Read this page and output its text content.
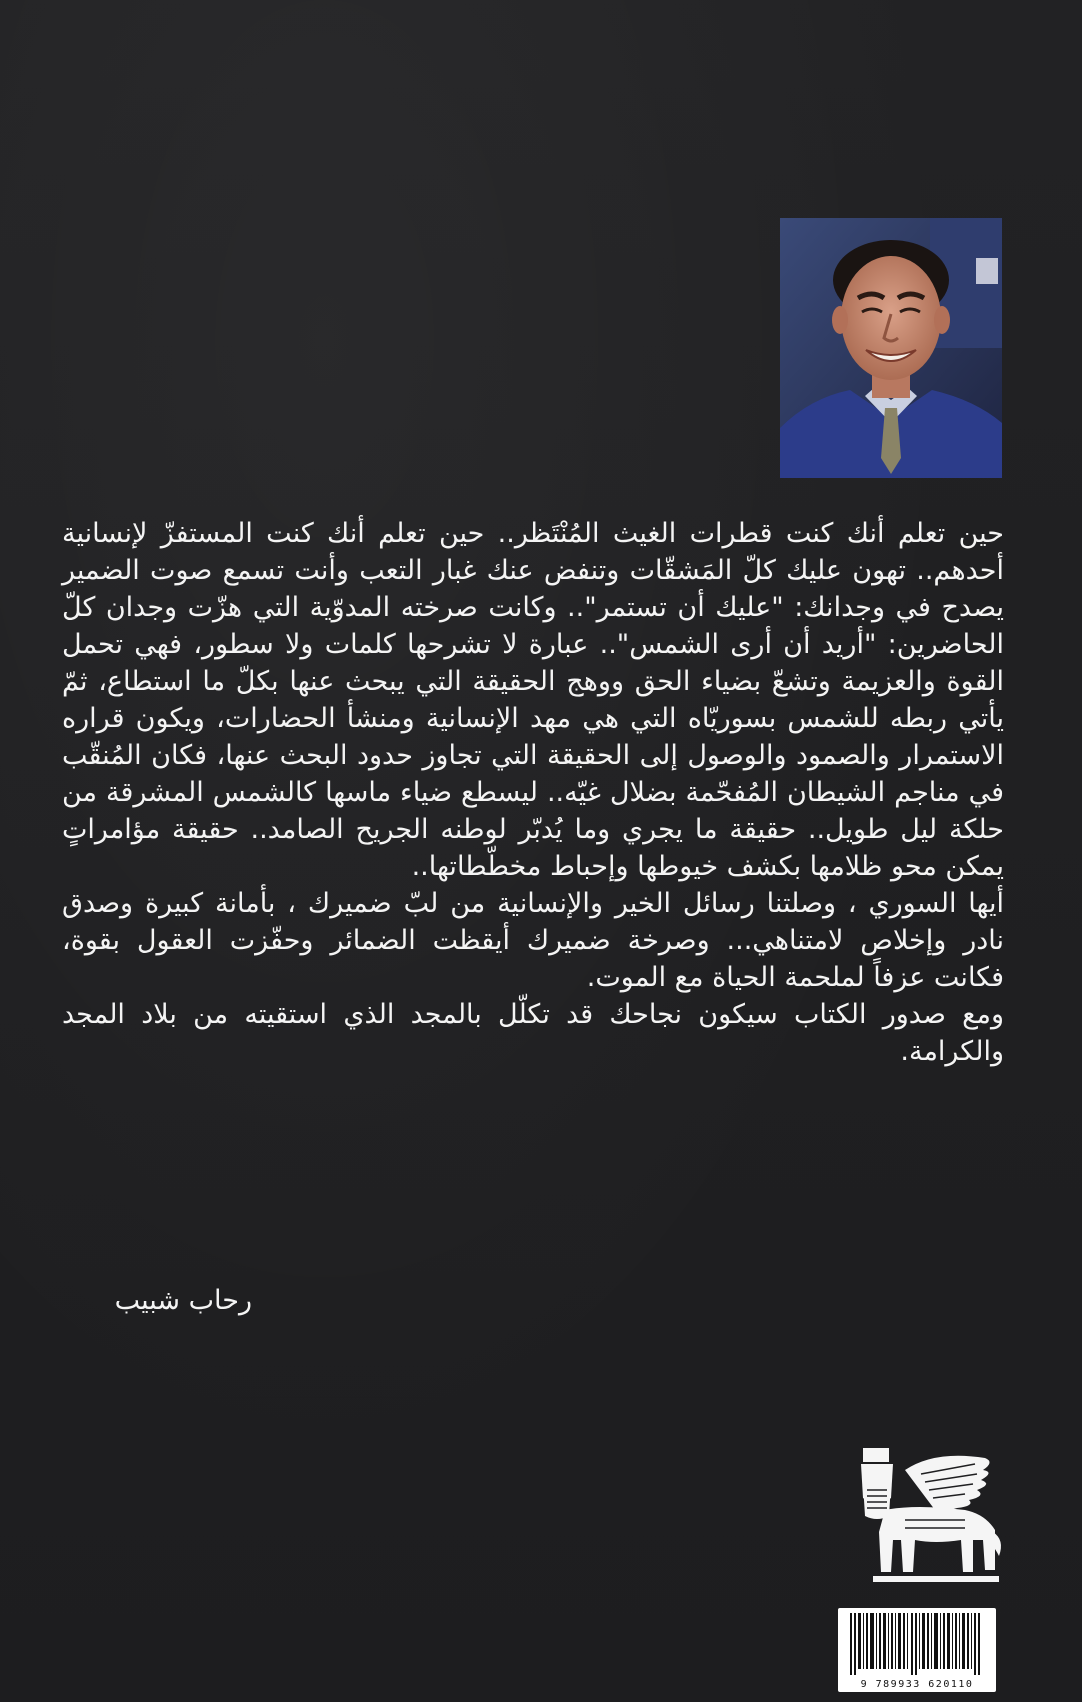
حين تعلم أنك كنت قطرات الغيث المُنْتَظر.. حين تعلم أنك كنت المستفزّ لإنسانية أحدهم.. تهون عليك كلّ المَشقّات وتنفض عنك غبار التعب وأنت تسمع صوت الضمير يصدح في وجدانك: "عليك أن تستمر".. وكانت صرخته المدوّية التي هزّت وجدان كلّ الحاضرين: "أريد أن أرى الشمس".. عبارة لا تشرحها كلمات ولا سطور، فهي تحمل القوة والعزيمة وتشعّ بضياء الحق ووهج الحقيقة التي يبحث عنها بكلّ ما استطاع، ثمّ يأتي ربطه للشمس بسوريّاه التي هي مهد الإنسانية ومنشأ الحضارات، ويكون قراره الاستمرار والصمود والوصول إلى الحقيقة التي تجاوز حدود البحث عنها، فكان المُنقّب في مناجم الشيطان المُفحّمة بضلال غيّه.. ليسطع ضياء ماسها كالشمس المشرقة من حلكة ليل طويل.. حقيقة ما يجري وما يُدبّر لوطنه الجريح الصامد.. حقيقة مؤامراتٍ يمكن محو ظلامها بكشف خيوطها وإحباط مخطّطاتها..

أيها السوري ، وصلتنا رسائل الخير والإنسانية من لبّ ضميرك ، بأمانة كبيرة وصدق نادر وإخلاص لامتناهي... وصرخة ضميرك أيقظت الضمائر وحفّزت العقول بقوة، فكانت عزفاً لملحمة الحياة مع الموت.

ومع صدور الكتاب سيكون نجاحك قد تكلّل بالمجد الذي استقيته من بلاد المجد والكرامة.

رحاب شبيب
9 789933 620110
